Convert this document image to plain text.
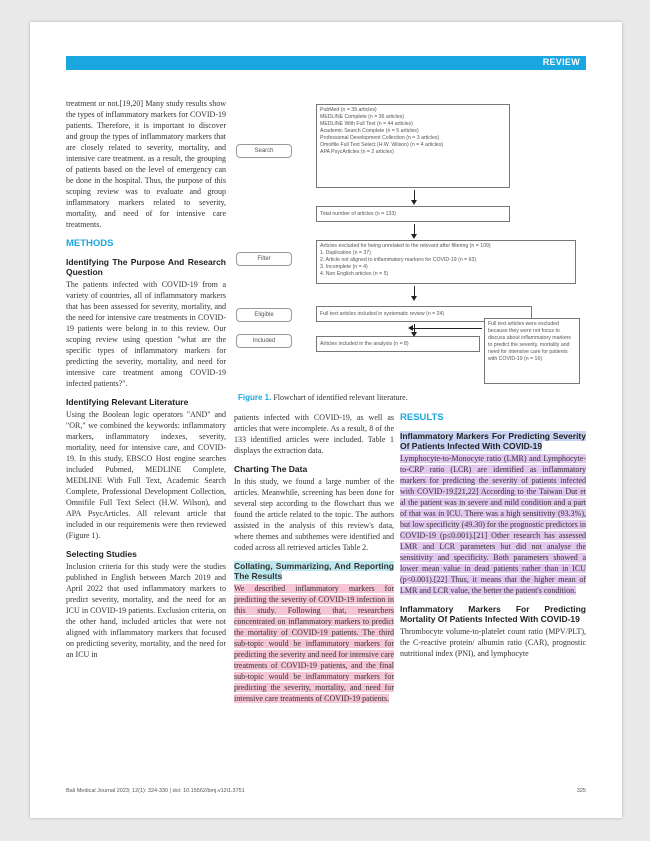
REVIEW

treatment or not.[19,20] Many study results show the types of inflammatory markers for COVID-19 patients. Therefore, it is important to discover and group the types of inflammatory markers that are closely related to severity, mortality, and intensive care treatment. as a result, the grouping of patients based on the level of emergency can be done in the hospital. Thus, the purpose of this scoping review was to evaluate and group inflammatory markers related to severity, mortality, and need of for intensive care treatments.

METHODS
Identifying The Purpose And Research Question

The patients infected with COVID-19 from a variety of countries, all of inflammatory markers that has been assessed for severity, mortality, and the need for intensive care treatments in COVID-19 patients were belong in to this review. Our scoping review using question "what are the specific types of inflammatory markers for predicting the severity, mortality, and need for intensive care treatment among COVID-19 infected patients?".

Identifying Relevant Literature

Using the Boolean logic operators "AND" and "OR," we combined the keywords: inflammatory markers, inflammatory indexes, severity, mortality, need for intensive care, and COVID-19. In this study, EBSCO Host engine searches included Pubmed, MEDLINE Complete, MEDLINE With Full Text, Academic Search Complete, Professional Development Collection, Omnifile Full Text Select (H.W. Wilson), and APA PsycArticles. All relevant article that included in our requirements were then reviewed (Figure 1).

Selecting Studies

Inclusion criteria for this study were the studies published in English between March 2019 and April 2022 that used inflammatory markers to predict severity, mortality, and the need for an ICU in COVID-19 patients. Exclusion criteria, on the other hand, included articles that were not aligned with inflammatory markers that focused on predicting severity, mortality, and the need for an ICU in

Search
PubMed (n = 39 articles)
MEDLINE Complete (n = 36 articles)
MEDLINE With Full Text (n = 44 articles)
Academic Search Complete (n = 5 articles)
Professional Development Collection (n = 3 articles)
Omnifile Full Text Select (H.W. Wilson) (n = 4 articles)
APA PsycArticles (n = 2 articles)
Total number of articles (n = 133)
Filter
Articles excluded for being unrelated to the relevant after filtering (n = 109)
1. Duplication (n = 37)
2. Article not aligned to inflammatory markers for COVID-19 (n = 63)
3. Incomplete (n = 4)
4. Non English articles (n = 5)
Eligible	Full text articles included in systematic review (n = 24)
Full text articles were excluded because they were not focus to discuss about inflammatory markers to predict the severity, mortality and need for intensive care for patients with COVID-19 (n = 16)
Included	Articles included in the analysis (n = 8)
Figure 1. Flowchart of identified relevant literature.

patients infected with COVID-19, as well as articles that were incomplete. As a result, 8 of the 133 identified articles were included. Table 1 displays the extraction data.

Charting The Data

In this study, we found a large number of the articles. Meanwhile, screening has been done for several step according to the flowchart thus we found the article related to the topic. The authors assisted in the analysis of this review's data, where themes and subthemes were identified and coded across all retrieved articles Table 2.

Collating, Summarizing, And Reporting The Results

We described inflammatory markers for predicting the severity of COVID-19 infection in this study. Following that, researchers concentrated on inflammatory markers to predict the mortality of COVID-19 patients. The third sub-topic would be inflammatory markers for predicting the severity and need for intensive care treatments of COVID-19 patients, and the final sub-topic would be inflammatory markers for predicting the severity, mortality, and need for intensive care treatments of COVID-19 patients.

RESULTS
Inflammatory Markers For Predicting Severity Of Patients Infected With COVID-19

Lymphocyte-to-Monocyte ratio (LMR) and Lymphocyte-to-CRP ratio (LCR) are identified as inflammatory markers for predicting the severity of patients infected with COVID-19.[21,22] According to the Taiwan Dut et al the patient was in severe and mild condition and a part of that was in ICU. There was a high sensitivity (93.3%), but low specificity (49.30) for the prognostic predictors in COVID-19 (p≤0.001).[21] Other research has assessed LMR and LCR parameters but did not analyse the sensitivity and specificity. Both parameters showed a lower mean value in dead patients rather than in ICU (p<0.001).[22] Thus, it means that the higher mean of LMR and LCR value, the better the patient's condition.

Inflammatory Markers For Predicting Mortality Of Patients Infected With COVID-19

Thrombocyte volume-to-platelet count ratio (MPV/PLT), the C-reactive protein/ albumin ratio (CAR), prognostic nutritional index (PNI), and lymphocyte

Bali Medical Journal 2023; 12(1): 324-330 | doi: 10.15562/bmj.v12i1.3751	325
